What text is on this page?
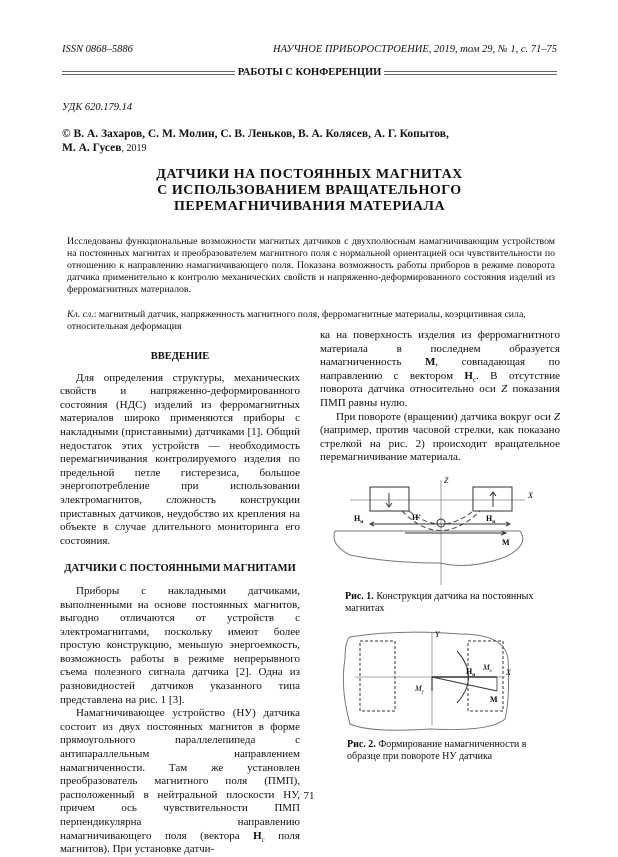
ISSN 0868–5886	НАУЧНОЕ ПРИБОРОСТРОЕНИЕ, 2019, том 29, № 1, с. 71–75
РАБОТЫ С КОНФЕРЕНЦИИ
УДК 620.179.14
© В. А. Захаров, С. М. Молин, С. В. Леньков, В. А. Колясев, А. Г. Копытов,
М. А. Гусев, 2019
ДАТЧИКИ НА ПОСТОЯННЫХ МАГНИТАХ
С ИСПОЛЬЗОВАНИЕМ ВРАЩАТЕЛЬНОГО
ПЕРЕМАГНИЧИВАНИЯ МАТЕРИАЛА
Исследованы функциональные возможности магнитых датчиков с двухполюсным намагничивающим устройством на постоянных магнитах и преобразователем магнитного поля с нормальной ориентацией оси чувствительности по отношению к направлению намагничивающего поля. Показана возможность работы приборов в режиме поворота датчика применительно к контролю механических свойств и напряженно-деформированного состояния изделий из ферромагнитных материалов.
Кл. сл.: магнитный датчик, напряженность магнитного поля, ферромагнитные материалы, коэрцитивная сила, относительная деформация
ВВЕДЕНИЕ

Для определения структуры, механических свойств и напряженно-деформированного состояния (НДС) изделий из ферромагнитных материалов широко применяются приборы с накладными (приставными) датчиками [1]. Общий недостаток этих устройств — необходимость перемагничивания контролируемого изделия по предельной петле гистерезиса, большое энергопотребление при использовании электромагнитов, сложность конструкции приставных датчиков, неудобство их крепления на объекте в случае длительного мониторинга его состояния.

ДАТЧИКИ С ПОСТОЯННЫМИ МАГНИТАМИ

Приборы с накладными датчиками, выполненными на основе постоянных магнитов, выгодно отличаются от устройств с электромагнитами, поскольку имеют более простую конструкцию, меньшую энергоемкость, возможность работы в режиме непрерывного съема полезного сигнала датчика [2]. Одна из разновидностей датчиков указанного типа представлена на рис. 1 [3].

Намагничивающее устройство (НУ) датчика состоит из двух постоянных магнитов в форме прямоугольного параллелепипеда с антипараллельным направлением намагниченности. Там же установлен преобразователь магнитного поля (ПМП), расположенный в нейтральной плоскости НУ, причем ось чувствительности ПМП перпендикулярна направлению намагничивающего поля (вектора $H_c$ поля магнитов). При установке датчи-

ка на поверхность изделия из ферромагнитного материала в последнем образуется намагниченность M, совпадающая по направлению с вектором $H_c$. В отсутствие поворота датчика относительно оси Z показания ПМП равны нулю.

При повороте (вращении) датчика вокруг оси Z (например, против часовой стрелки, как показано стрелкой на рис. 2) происходит вращательное перемагничивание материала.

Z
X
$H_н$
H+	$H_н$
M
Рис. 1. Конструкция датчика на постоянных магнитах
Y
X
$H_н$
$M_x$
$M_y$
M
Рис. 2. Формирование намагниченности в образце при повороте НУ датчика
71
